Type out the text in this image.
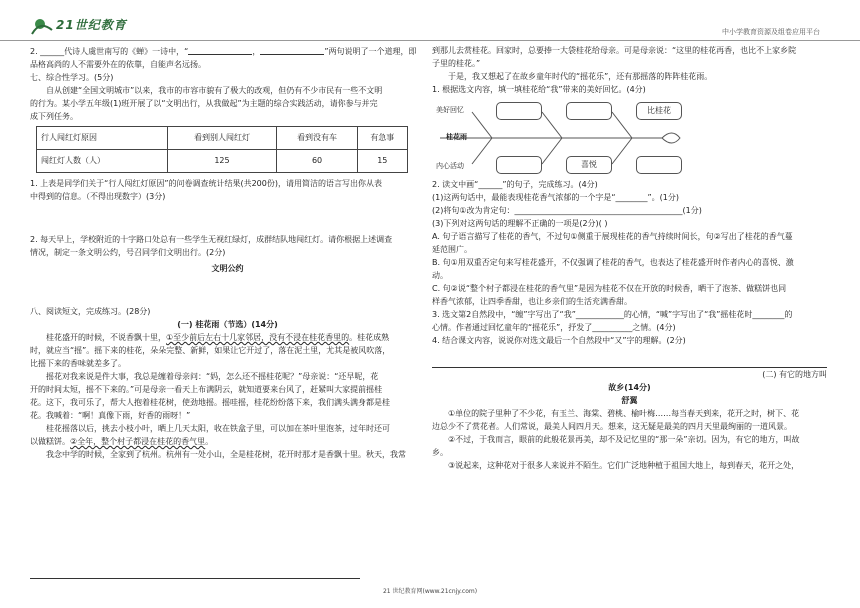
21世纪教育	中小学教育资源及组卷应用平台

2. ______代诗人虞世南写的《蝉》一诗中，“	，	”两句说明了一个道理，即

品格高尚的人不需要外在的依靠，自能声名远扬。

七、综合性学习。(5分)

自从创建“全国文明城市”以来，我市的市容市貌有了极大的改观，但仍有不少市民有一些不文明

的行为。某小学五年级(1)班开展了以“文明出行，从我做起”为主题的综合实践活动，请你参与并完

成下列任务。

行人闯红灯原因	看到别人闯红灯	看到没有车	有急事
闯红灯人数（人）	125	60	15

1. 上表是同学们关于“行人闯红灯原因”的问卷调查统计结果(共200份)，请用简洁的语言写出你从表

中得到的信息。（不得出现数字）(3分)

2. 每天早上，学校附近的十字路口处总有一些学生无视红绿灯，成群结队地闯红灯。请你根据上述调查

情况，制定一条文明公约，号召同学们文明出行。(2分)

文明公约

八、阅读短文，完成练习。(28分)

(一) 桂花雨（节选）(14分)

桂花盛开的时候，不说香飘十里，①至少前后左右十几家邻居，没有不浸在桂花香里的。桂花成熟

时，就应当“摇”。摇下来的桂花，朵朵完整、新鲜，如果让它开过了，落在泥土里，尤其是被风吹落，

比摇下来的香味就差多了。

摇花对我来说是件大事，我总是缠着母亲问：“妈，怎么还不摇桂花呢？”母亲说：“还早呢，花

开的时间太短，摇不下来的。”可是母亲一看天上布满阴云，就知道要来台风了，赶紧叫大家提前摇桂

花。这下，我可乐了，帮大人抱着桂花树，使劲地摇。摇哇摇，桂花纷纷落下来，我们满头满身都是桂

花。我喊着：“啊！真像下雨，好香的雨呀！”

桂花摇落以后，挑去小枝小叶，晒上几天太阳，收在铁盒子里，可以加在茶叶里泡茶，过年时还可

以做糕饼。②全年，整个村子都浸在桂花的香气里。

我念中学的时候，全家到了杭州。杭州有一处小山，全是桂花树，花开时那才是香飘十里。秋天，我常

到那儿去赏桂花。回家时，总要捧一大袋桂花给母亲。可是母亲说：“这里的桂花再香，也比不上家乡院

子里的桂花。”

于是，我又想起了在故乡童年时代的“摇花乐”，还有那摇落的阵阵桂花雨。

1. 根据选文内容，填一填桂花给“我”带来的美好回忆。(4分)

美好回忆
桂花雨
内心活动
比桂花
喜悦

2. 读文中画“______”的句子，完成练习。(4分)

(1)这两句话中，最能表现桂花香气浓郁的一个字是“________”。(1分)

(2)将句①改为肯定句：__________________________________________(1分)

(3)下列对这两句话的理解不正确的一项是(2分)( )

A. 句子语言描写了桂花的香气，不过句①侧重于展现桂花的香气持续时间长，句②写出了桂花的香气蔓

延范围广。

B. 句①用双重否定句来写桂花盛开，不仅强调了桂花的香气，也表达了桂花盛开时作者内心的喜悦、激

动。

C. 句②说“整个村子都浸在桂花的香气里”是因为桂花不仅在开放的时候香，晒干了泡茶、做糕饼也同

样香气浓郁，让四季香甜，也让乡亲们的生活充满香甜。

3. 选文第2自然段中，“缠”字写出了“我”____________的心情，“喊”字写出了“我”摇桂花时________的

心情。作者通过回忆童年的“摇花乐”，抒发了__________之情。(4分)

4. 结合课文内容，说说你对选文最后一个自然段中“又”字的理解。(2分)

(二) 有它的地方叫

故乡(14分)

舒翼

①单位的院子里种了不少花，有玉兰、海棠、碧桃、榆叶梅……每当春天到来，花开之时，树下、花

边总少不了赏花者。人们常说，最美人间四月天。想来，这无疑是最美的四月天里最绚丽的一道风景。

②不过，于我而言，眼前的此般花景再美，却不及记忆里的“那一朵”亲切。因为，有它的地方，叫故

乡。

③说起来，这种花对于很多人来说并不陌生。它们广泛地种植于祖国大地上，每到春天，花开之处，

21 世纪教育网(www.21cnjy.com)
